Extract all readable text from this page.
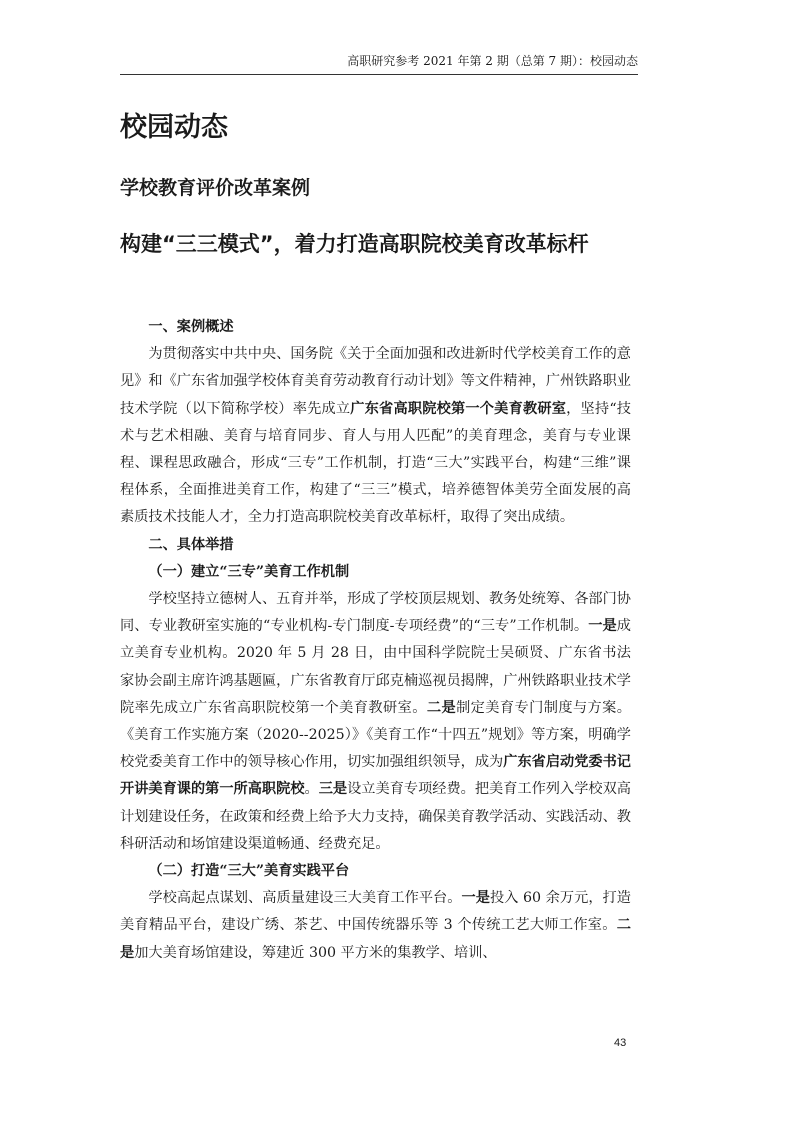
高职研究参考 2021 年第 2 期（总第 7 期）：校园动态
校园动态
学校教育评价改革案例
构建“三三模式”，着力打造高职院校美育改革标杆

一、案例概述

为贯彻落实中共中央、国务院《关于全面加强和改进新时代学校美育工作的意见》和《广东省加强学校体育美育劳动教育行动计划》等文件精神，广州铁路职业技术学院（以下简称学校）率先成立广东省高职院校第一个美育教研室，坚持“技术与艺术相融、美育与培育同步、育人与用人匹配”的美育理念，美育与专业课程、课程思政融合，形成“三专”工作机制，打造“三大”实践平台，构建“三维”课程体系，全面推进美育工作，构建了“三三”模式，培养德智体美劳全面发展的高素质技术技能人才，全力打造高职院校美育改革标杆，取得了突出成绩。

二、具体举措

（一）建立“三专”美育工作机制

学校坚持立德树人、五育并举，形成了学校顶层规划、教务处统筹、各部门协同、专业教研室实施的“专业机构-专门制度-专项经费”的“三专”工作机制。一是成立美育专业机构。2020 年 5 月 28 日，由中国科学院院士吴硕贤、广东省书法家协会副主席许鸿基题匾，广东省教育厅邱克楠巡视员揭牌，广州铁路职业技术学院率先成立广东省高职院校第一个美育教研室。二是制定美育专门制度与方案。《美育工作实施方案（2020--2025）》《美育工作“十四五”规划》等方案，明确学校党委美育工作中的领导核心作用，切实加强组织领导，成为广东省启动党委书记开讲美育课的第一所高职院校。三是设立美育专项经费。把美育工作列入学校双高计划建设任务，在政策和经费上给予大力支持，确保美育教学活动、实践活动、教科研活动和场馆建设渠道畅通、经费充足。

（二）打造“三大”美育实践平台

学校高起点谋划、高质量建设三大美育工作平台。一是投入 60 余万元，打造美育精品平台，建设广绣、茶艺、中国传统器乐等 3 个传统工艺大师工作室。二是加大美育场馆建设，筹建近 300 平方米的集教学、培训、

43
